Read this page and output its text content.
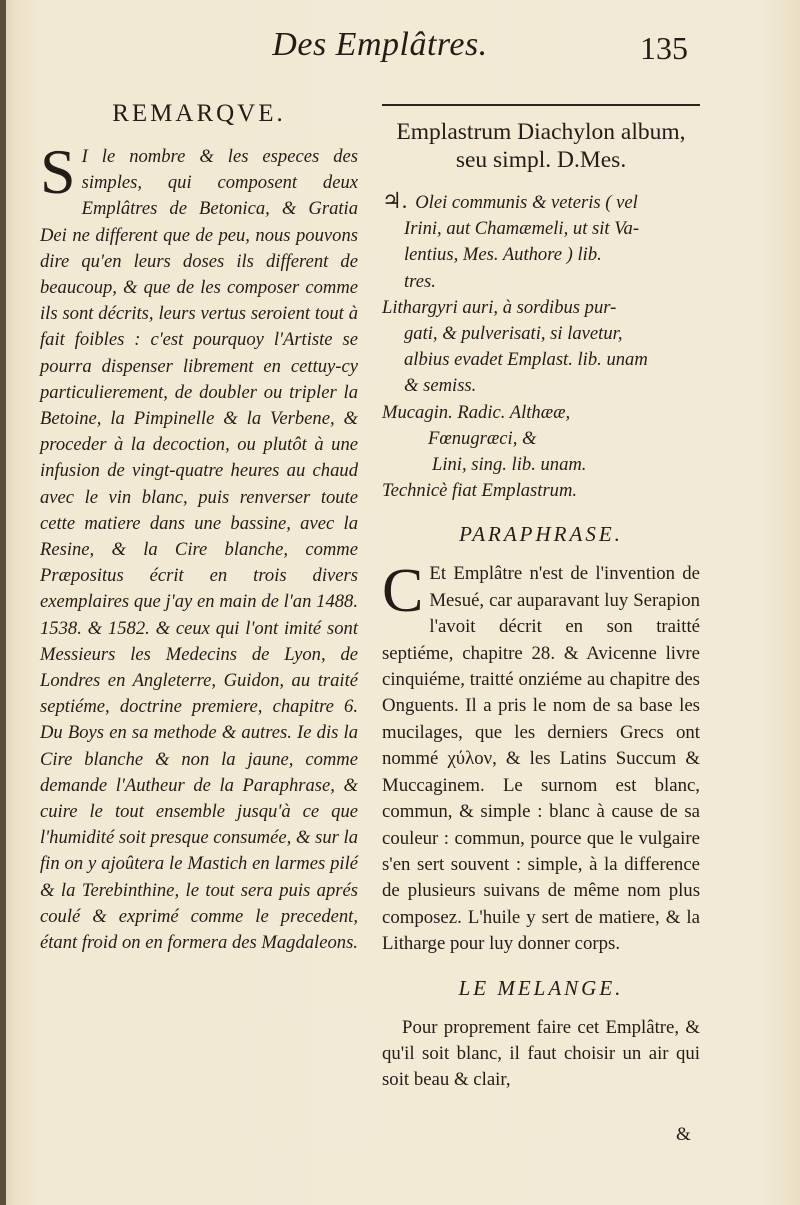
Des Emplâtres.	135
REMARQVE.

S I le nombre & les especes des simples, qui composent deux Emplâtres de Betonica, & Gratia Dei ne different que de peu, nous pouvons dire qu'en leurs doses ils different de beaucoup, & que de les composer comme ils sont décrits, leurs vertus seroient tout à fait foibles : c'est pourquoy l'Artiste se pourra dispenser librement en cettuy-cy particulierement, de doubler ou tripler la Betoine, la Pimpinelle & la Verbene, & proceder à la decoction, ou plutôt à une infusion de vingt-quatre heures au chaud avec le vin blanc, puis renverser toute cette matiere dans une bassine, avec la Resine, & la Cire blanche, comme Præpositus écrit en trois divers exemplaires que j'ay en main de l'an 1488. 1538. & 1582. & ceux qui l'ont imité sont Messieurs les Medecins de Lyon, de Londres en Angleterre, Guidon, au traité septiéme, doctrine premiere, chapitre 6. Du Boys en sa methode & autres. Ie dis la Cire blanche & non la jaune, comme demande l'Autheur de la Paraphrase, & cuire le tout ensemble jusqu'à ce que l'humidité soit presque consumée, & sur la fin on y ajoûtera le Mastich en larmes pilé & la Terebinthine, le tout sera puis aprés coulé & exprimé comme le precedent, étant froid on en formera des Magdaleons.

Emplastrum Diachylon album,
seu simpl. D.Mes.

♃. Olei communis & veteris ( vel

Irini, aut Chamæmeli, ut sit Va-

lentius, Mes. Authore ) lib.

tres.

Lithargyri auri, à sordibus pur-

gati, & pulverisati, si lavetur,

albius evadet Emplast. lib. unam

& semiss.

Mucagin. Radic. Althææ,

Fœnugræci, &

Lini, sing. lib. unam.

Technicè fiat Emplastrum.

PARAPHRASE.

C Et Emplâtre n'est de l'invention de Mesué, car auparavant luy Serapion l'avoit décrit en son traitté septiéme, chapitre 28. & Avicenne livre cinquiéme, traitté onziéme au chapitre des Onguents. Il a pris le nom de sa base les mucilages, que les derniers Grecs ont nommé χύλον, & les Latins Succum & Muccaginem. Le surnom est blanc, commun, & simple : blanc à cause de sa couleur : commun, pource que le vulgaire s'en sert souvent : simple, à la difference de plusieurs suivans de même nom plus composez. L'huile y sert de matiere, & la Litharge pour luy donner corps.

LE MELANGE.

Pour proprement faire cet Emplâtre, & qu'il soit blanc, il faut choisir un air qui soit beau & clair,

&
